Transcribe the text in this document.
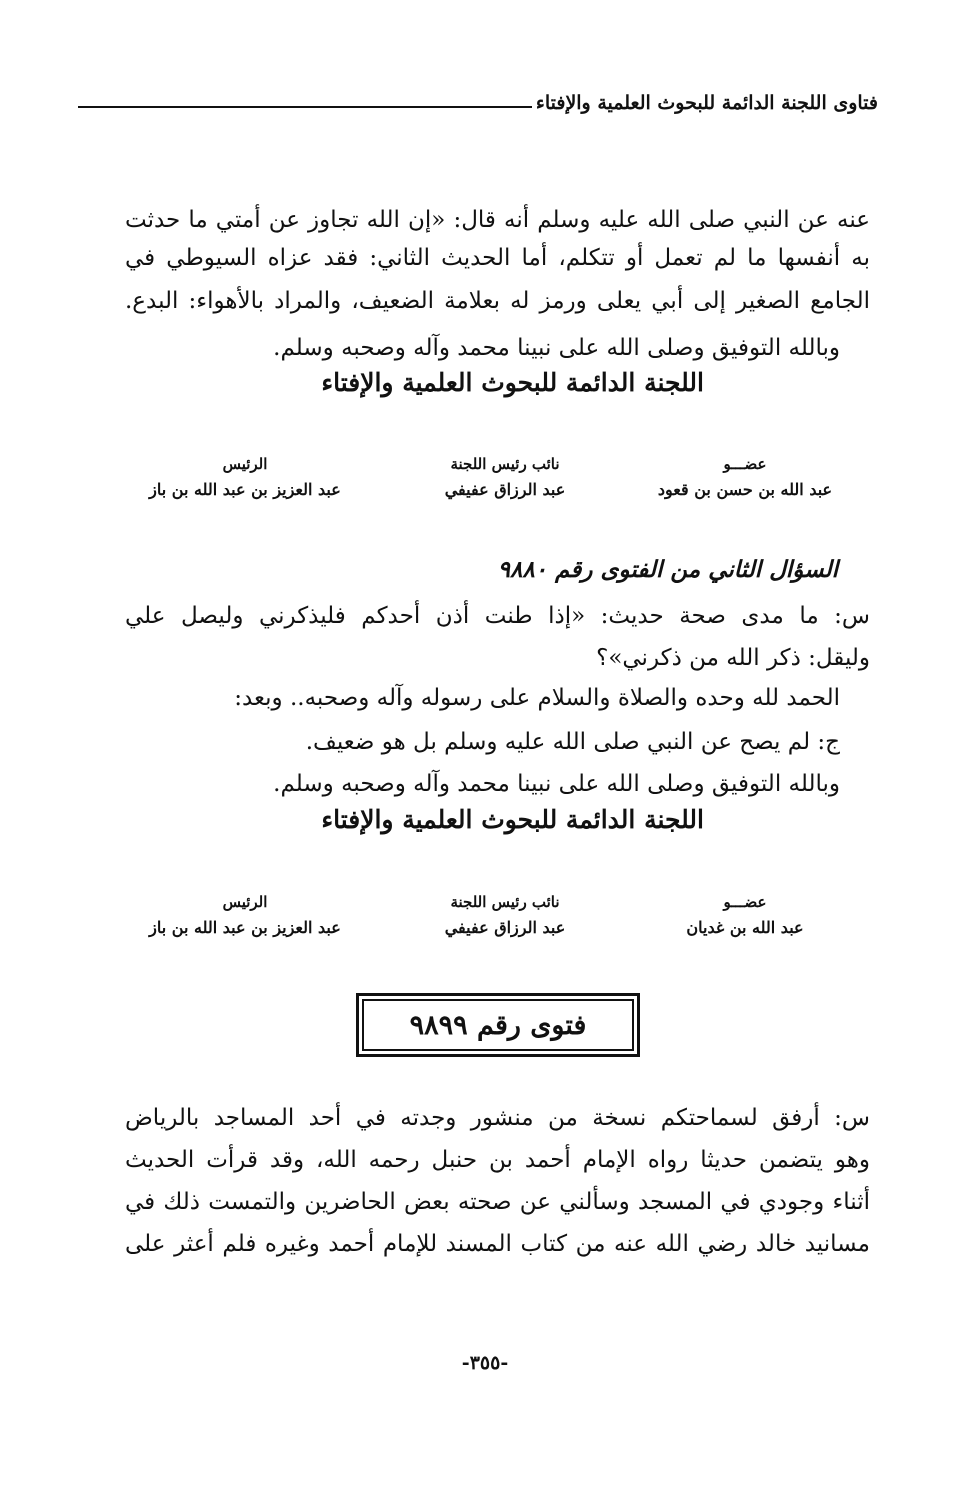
فتاوى اللجنة الدائمة للبحوث العلمية والإفتاء
عنه عن النبي صلى الله عليه وسلم أنه قال: «إن الله تجاوز عن أمتي ما حدثت
به أنفسها ما لم تعمل أو تتكلم، أما الحديث الثاني: فقد عزاه السيوطي في
الجامع الصغير إلى أبي يعلى ورمز له بعلامة الضعيف، والمراد بالأهواء: البدع.
وبالله التوفيق وصلى الله على نبينا محمد وآله وصحبه وسلم.
اللجنة الدائمة للبحوث العلمية والإفتاء
عضـــو
عبد الله بن حسن بن قعود
نائب رئيس اللجنة
عبد الرزاق عفيفي
الرئيس
عبد العزيز بن عبد الله بن باز
السؤال الثاني من الفتوى رقم ٩٨٨٠
س: ما مدى صحة حديث: «إذا طنت أذن أحدكم فليذكرني وليصل علي
وليقل: ذكر الله من ذكرني»؟
الحمد لله وحده والصلاة والسلام على رسوله وآله وصحبه.. وبعد:
ج: لم يصح عن النبي صلى الله عليه وسلم بل هو ضعيف.
وبالله التوفيق وصلى الله على نبينا محمد وآله وصحبه وسلم.
اللجنة الدائمة للبحوث العلمية والإفتاء
عضـــو
عبد الله بن غديان
نائب رئيس اللجنة
عبد الرزاق عفيفي
الرئيس
عبد العزيز بن عبد الله بن باز
فتوى رقم ٩٨٩٩
س: أرفق لسماحتكم نسخة من منشور وجدته في أحد المساجد بالرياض
وهو يتضمن حديثا رواه الإمام أحمد بن حنبل رحمه الله، وقد قرأت الحديث
أثناء وجودي في المسجد وسألني عن صحته بعض الحاضرين والتمست ذلك في
مسانيد خالد رضي الله عنه من كتاب المسند للإمام أحمد وغيره فلم أعثر على
-٣٥٥-
